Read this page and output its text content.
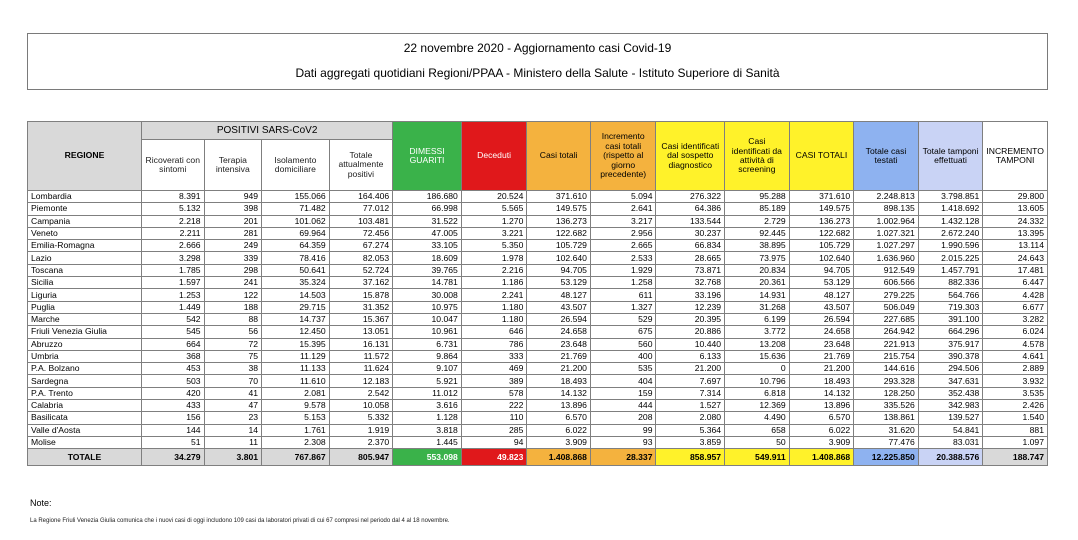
22 novembre 2020 - Aggiornamento casi Covid-19
Dati aggregati quotidiani Regioni/PPAA - Ministero della Salute - Istituto Superiore di Sanità
REGIONE	POSITIVI SARS-CoV2				DIMESSI GUARITI	Deceduti	Casi totali	Incremento casi totali (rispetto al giorno precedente)	Casi identificati dal sospetto diagnostico	Casi identificati da attività di screening	CASI TOTALI	Totale casi testati	Totale tamponi effettuati	INCREMENTO TAMPONI
	Ricoverati con sintomi	Terapia intensiva	Isolamento domiciliare	Totale attualmente positivi										
Lombardia	8.391	949	155.066	164.406	186.680	20.524	371.610	5.094	276.322	95.288	371.610	2.248.813	3.798.851	29.800
Piemonte	5.132	398	71.482	77.012	66.998	5.565	149.575	2.641	64.386	85.189	149.575	898.135	1.418.692	13.605
Campania	2.218	201	101.062	103.481	31.522	1.270	136.273	3.217	133.544	2.729	136.273	1.002.964	1.432.128	24.332
Veneto	2.211	281	69.964	72.456	47.005	3.221	122.682	2.956	30.237	92.445	122.682	1.027.321	2.672.240	13.395
Emilia-Romagna	2.666	249	64.359	67.274	33.105	5.350	105.729	2.665	66.834	38.895	105.729	1.027.297	1.990.596	13.114
Lazio	3.298	339	78.416	82.053	18.609	1.978	102.640	2.533	28.665	73.975	102.640	1.636.960	2.015.225	24.643
Toscana	1.785	298	50.641	52.724	39.765	2.216	94.705	1.929	73.871	20.834	94.705	912.549	1.457.791	17.481
Sicilia	1.597	241	35.324	37.162	14.781	1.186	53.129	1.258	32.768	20.361	53.129	606.566	882.336	6.447
Liguria	1.253	122	14.503	15.878	30.008	2.241	48.127	611	33.196	14.931	48.127	279.225	564.766	4.428
Puglia	1.449	188	29.715	31.352	10.975	1.180	43.507	1.327	12.239	31.268	43.507	506.049	719.303	6.677
Marche	542	88	14.737	15.367	10.047	1.180	26.594	529	20.395	6.199	26.594	227.685	391.100	3.282
Friuli Venezia Giulia	545	56	12.450	13.051	10.961	646	24.658	675	20.886	3.772	24.658	264.942	664.296	6.024
Abruzzo	664	72	15.395	16.131	6.731	786	23.648	560	10.440	13.208	23.648	221.913	375.917	4.578
Umbria	368	75	11.129	11.572	9.864	333	21.769	400	6.133	15.636	21.769	215.754	390.378	4.641
P.A. Bolzano	453	38	11.133	11.624	9.107	469	21.200	535	21.200	0	21.200	144.616	294.506	2.889
Sardegna	503	70	11.610	12.183	5.921	389	18.493	404	7.697	10.796	18.493	293.328	347.631	3.932
P.A. Trento	420	41	2.081	2.542	11.012	578	14.132	159	7.314	6.818	14.132	128.250	352.438	3.535
Calabria	433	47	9.578	10.058	3.616	222	13.896	444	1.527	12.369	13.896	335.526	342.983	2.426
Basilicata	156	23	5.153	5.332	1.128	110	6.570	208	2.080	4.490	6.570	138.861	139.527	1.540
Valle d'Aosta	144	14	1.761	1.919	3.818	285	6.022	99	5.364	658	6.022	31.620	54.841	881
Molise	51	11	2.308	2.370	1.445	94	3.909	93	3.859	50	3.909	77.476	83.031	1.097
TOTALE	34.279	3.801	767.867	805.947	553.098	49.823	1.408.868	28.337	858.957	549.911	1.408.868	12.225.850	20.388.576	188.747
Note:
La Regione Friuli Venezia Giulia comunica che i nuovi casi di oggi includono 109 casi da laboratori privati di cui 67 compresi nel periodo dal 4 al 18 novembre.
